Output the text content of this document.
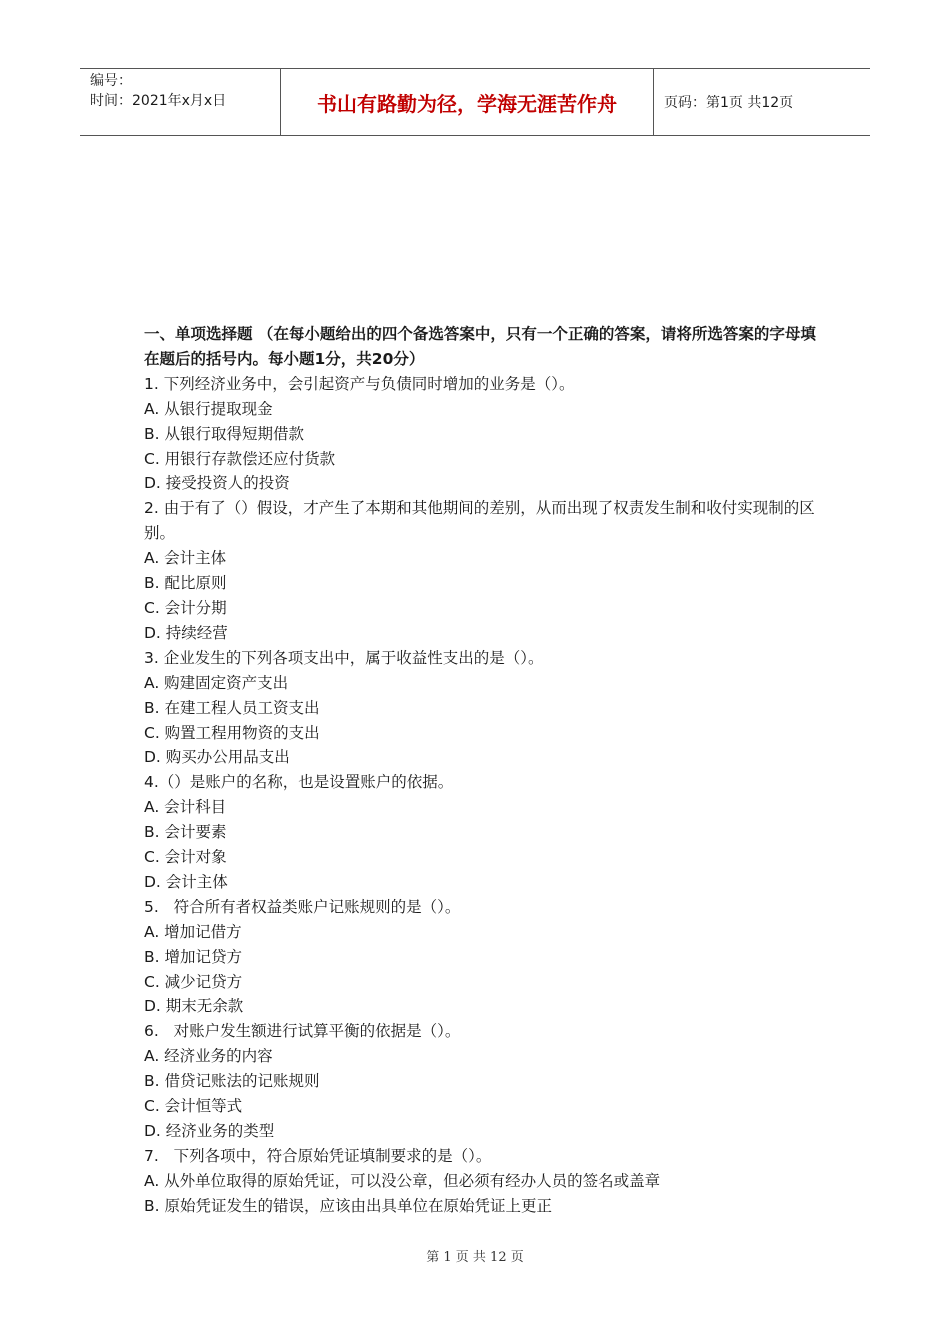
编号：
时间：2021年x月x日	书山有路勤为径，学海无涯苦作舟	页码：第1页 共12页

一、单项选择题 （在每小题给出的四个备选答案中，只有一个正确的答案，请将所选答案的字母填在题后的括号内。每小题1分，共20分）

1. 下列经济业务中，会引起资产与负债同时增加的业务是（）。

A. 从银行提取现金

B. 从银行取得短期借款

C. 用银行存款偿还应付货款

D. 接受投资人的投资

2. 由于有了（）假设，才产生了本期和其他期间的差别，从而出现了权责发生制和收付实现制的区别。

A. 会计主体

B. 配比原则

C. 会计分期

D. 持续经营

3. 企业发生的下列各项支出中，属于收益性支出的是（）。

A. 购建固定资产支出

B. 在建工程人员工资支出

C. 购置工程用物资的支出

D. 购买办公用品支出

4.（）是账户的名称，也是设置账户的依据。

A. 会计科目

B. 会计要素

C. 会计对象

D. 会计主体

5.   符合所有者权益类账户记账规则的是（）。

A. 增加记借方

B. 增加记贷方

C. 减少记贷方

D. 期末无余款

6.   对账户发生额进行试算平衡的依据是（）。

A. 经济业务的内容

B. 借贷记账法的记账规则

C. 会计恒等式

D. 经济业务的类型

7.   下列各项中，符合原始凭证填制要求的是（）。

A. 从外单位取得的原始凭证，可以没公章，但必须有经办人员的签名或盖章

B. 原始凭证发生的错误，应该由出具单位在原始凭证上更正

第 1 页 共 12 页
